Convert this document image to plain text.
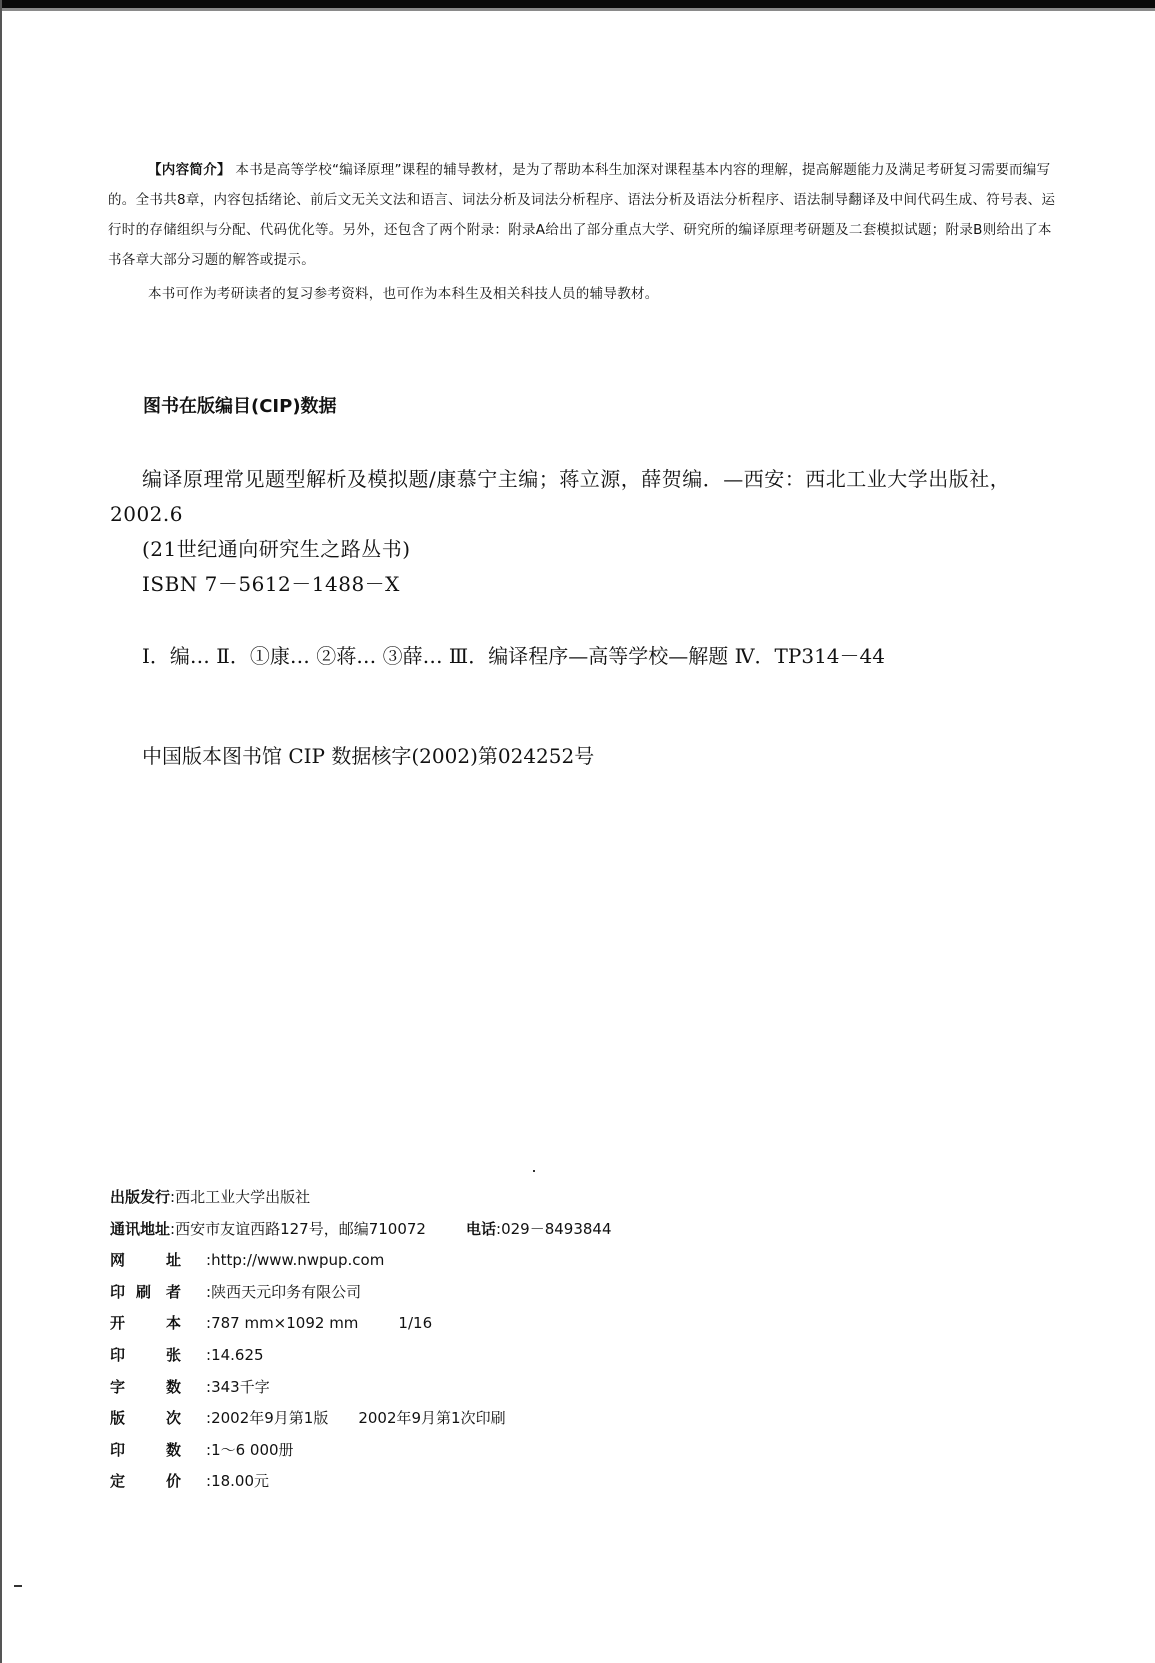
【内容简介】 本书是高等学校“编译原理”课程的辅导教材，是为了帮助本科生加深对课程基本内容的理解，提高解题能力及满足考研复习需要而编写的。全书共8章，内容包括绪论、前后文无关文法和语言、词法分析及词法分析程序、语法分析及语法分析程序、语法制导翻译及中间代码生成、符号表、运行时的存储组织与分配、代码优化等。另外，还包含了两个附录：附录A给出了部分重点大学、研究所的编译原理考研题及二套模拟试题；附录B则给出了本书各章大部分习题的解答或提示。

本书可作为考研读者的复习参考资料，也可作为本科生及相关科技人员的辅导教材。

图书在版编目(CIP)数据

编译原理常见题型解析及模拟题/康慕宁主编；蒋立源，薛贺编．—西安：西北工业大学出版社，2002.6

(21世纪通向研究生之路丛书)

ISBN 7－5612－1488－X

Ⅰ．编… Ⅱ．①康… ②蒋… ③薛… Ⅲ．编译程序—高等学校—解题 Ⅳ．TP314－44

中国版本图书馆 CIP 数据核字(2002)第024252号
出版发行 : 西北工业大学出版社
通讯地址 : 西安市友谊西路127号，邮编710072	电话 : 029－8493844
网	址	: http://www.nwpup.com
印 刷 者	: 陕西天元印务有限公司
开	本	: 787 mm×1092 mm	1/16
印	张	: 14.625
字	数	: 343千字
版	次	: 2002年9月第1版 2002年9月第1次印刷
印	数	: 1～6 000册
定	价	: 18.00元
